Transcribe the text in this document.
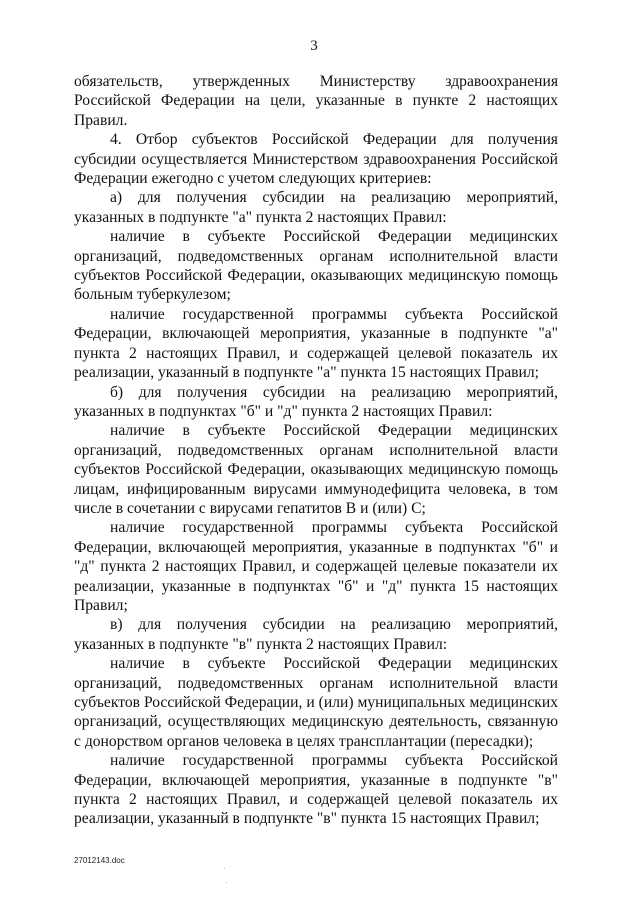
3

обязательств, утвержденных Министерству здравоохранения Российской Федерации на цели, указанные в пункте 2 настоящих Правил.

4. Отбор субъектов Российской Федерации для получения субсидии осуществляется Министерством здравоохранения Российской Федерации ежегодно с учетом следующих критериев:

а) для получения субсидии на реализацию мероприятий, указанных в подпункте "а" пункта 2 настоящих Правил:

наличие в субъекте Российской Федерации медицинских организаций, подведомственных органам исполнительной власти субъектов Российской Федерации, оказывающих медицинскую помощь больным туберкулезом;

наличие государственной программы субъекта Российской Федерации, включающей мероприятия, указанные в подпункте "а" пункта 2 настоящих Правил, и содержащей целевой показатель их реализации, указанный в подпункте "а" пункта 15 настоящих Правил;

б) для получения субсидии на реализацию мероприятий, указанных в подпунктах "б" и "д" пункта 2 настоящих Правил:

наличие в субъекте Российской Федерации медицинских организаций, подведомственных органам исполнительной власти субъектов Российской Федерации, оказывающих медицинскую помощь лицам, инфицированным вирусами иммунодефицита человека, в том числе в сочетании с вирусами гепатитов B и (или) C;

наличие государственной программы субъекта Российской Федерации, включающей мероприятия, указанные в подпунктах "б" и "д" пункта 2 настоящих Правил, и содержащей целевые показатели их реализации, указанные в подпунктах "б" и "д" пункта 15 настоящих Правил;

в) для получения субсидии на реализацию мероприятий, указанных в подпункте "в" пункта 2 настоящих Правил:

наличие в субъекте Российской Федерации медицинских организаций, подведомственных органам исполнительной власти субъектов Российской Федерации, и (или) муниципальных медицинских организаций, осуществляющих медицинскую деятельность, связанную с донорством органов человека в целях трансплантации (пересадки);

наличие государственной программы субъекта Российской Федерации, включающей мероприятия, указанные в подпункте "в" пункта 2 настоящих Правил, и содержащей целевой показатель их реализации, указанный в подпункте "в" пункта 15 настоящих Правил;

27012143.doc
